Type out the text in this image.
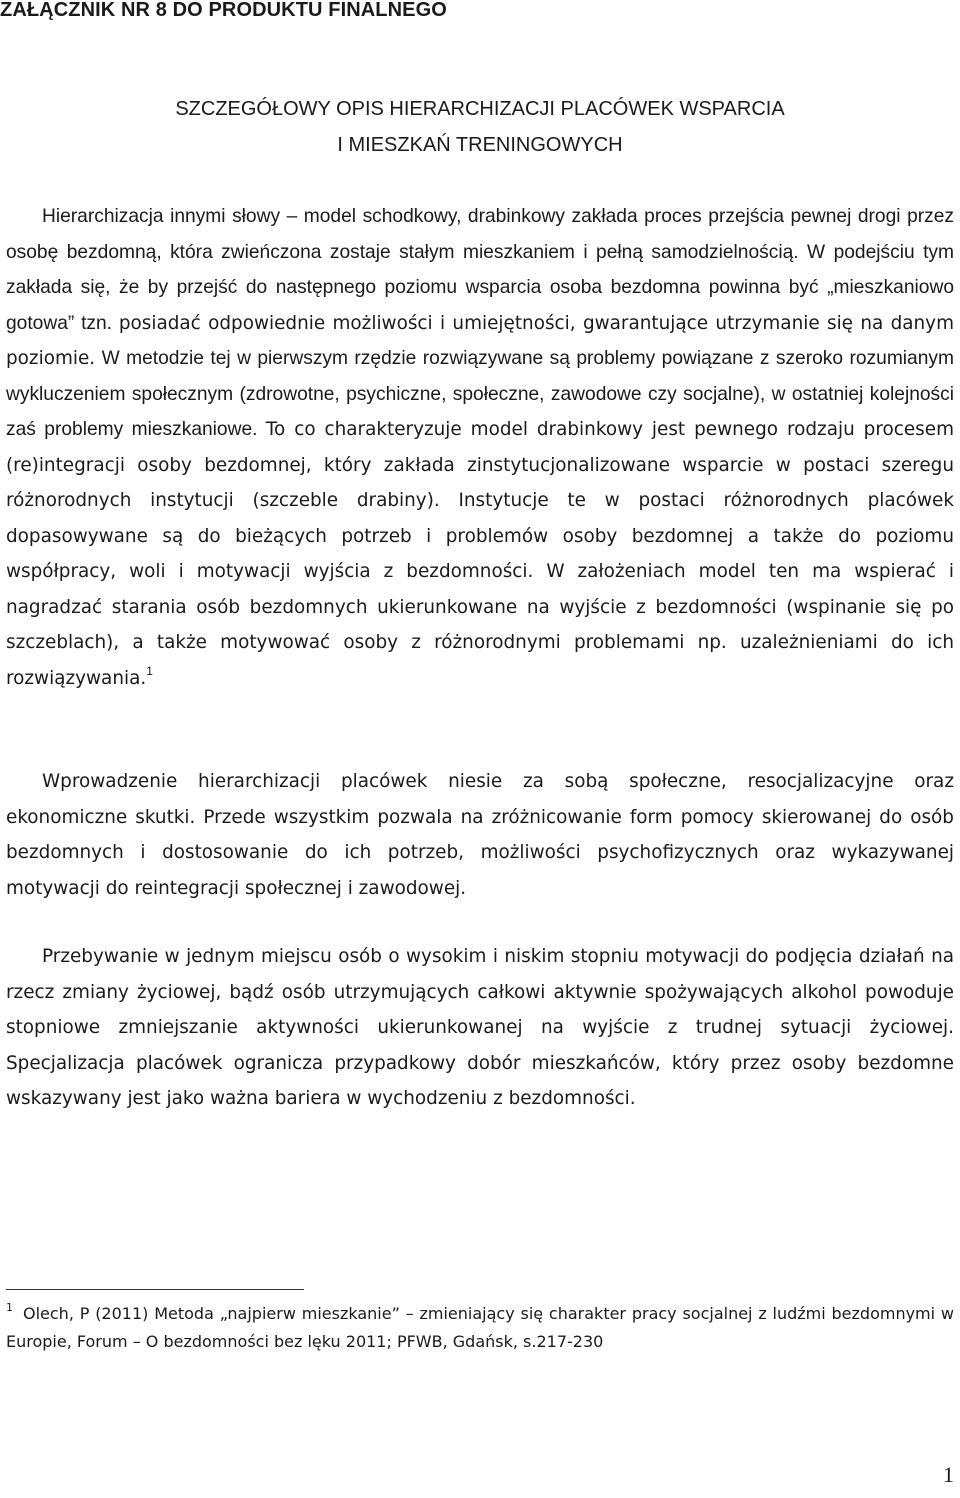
ZAŁĄCZNIK NR 8 DO PRODUKTU FINALNEGO
SZCZEGÓŁOWY OPIS HIERARCHIZACJI PLACÓWEK WSPARCIA
I MIESZKAŃ TRENINGOWYCH

Hierarchizacja innymi słowy – model schodkowy, drabinkowy zakłada proces przejścia pewnej drogi przez osobę bezdomną, która zwieńczona zostaje stałym mieszkaniem i pełną samodzielnością. W podejściu tym zakłada się, że by przejść do następnego poziomu wsparcia osoba bezdomna powinna być „mieszkaniowo gotowa” tzn. posiadać odpowiednie możliwości i umiejętności, gwarantujące utrzymanie się na danym poziomie. W metodzie tej w pierwszym rzędzie rozwiązywane są problemy powiązane z szeroko rozumianym wykluczeniem społecznym (zdrowotne, psychiczne, społeczne, zawodowe czy socjalne), w ostatniej kolejności zaś problemy mieszkaniowe. To co charakteryzuje model drabinkowy jest pewnego rodzaju procesem (re)integracji osoby bezdomnej, który zakłada zinstytucjonalizowane wsparcie w postaci szeregu różnorodnych instytucji (szczeble drabiny). Instytucje te w postaci różnorodnych placówek dopasowywane są do bieżących potrzeb i problemów osoby bezdomnej a także do poziomu współpracy, woli i motywacji wyjścia z bezdomności. W założeniach model ten ma wspierać i nagradzać starania osób bezdomnych ukierunkowane na wyjście z bezdomności (wspinanie się po szczeblach), a także motywować osoby z różnorodnymi problemami np. uzależnieniami do ich rozwiązywania.$^1$

Wprowadzenie hierarchizacji placówek niesie za sobą społeczne, resocjalizacyjne oraz ekonomiczne skutki. Przede wszystkim pozwala na zróżnicowanie form pomocy skierowanej do osób bezdomnych i dostosowanie do ich potrzeb, możliwości psychofizycznych oraz wykazywanej motywacji do reintegracji społecznej i zawodowej.

Przebywanie w jednym miejscu osób o wysokim i niskim stopniu motywacji do podjęcia działań na rzecz zmiany życiowej, bądź osób utrzymujących całkowi aktywnie spożywających alkohol powoduje stopniowe zmniejszanie aktywności ukierunkowanej na wyjście z trudnej sytuacji życiowej. Specjalizacja placówek ogranicza przypadkowy dobór mieszkańców, który przez osoby bezdomne wskazywany jest jako ważna bariera w wychodzeniu z bezdomności.

$^1$ Olech, P (2011) Metoda „najpierw mieszkanie” – zmieniający się charakter pracy socjalnej z ludźmi bezdomnymi w Europie, Forum – O bezdomności bez lęku 2011; PFWB, Gdańsk, s.217-230

1
